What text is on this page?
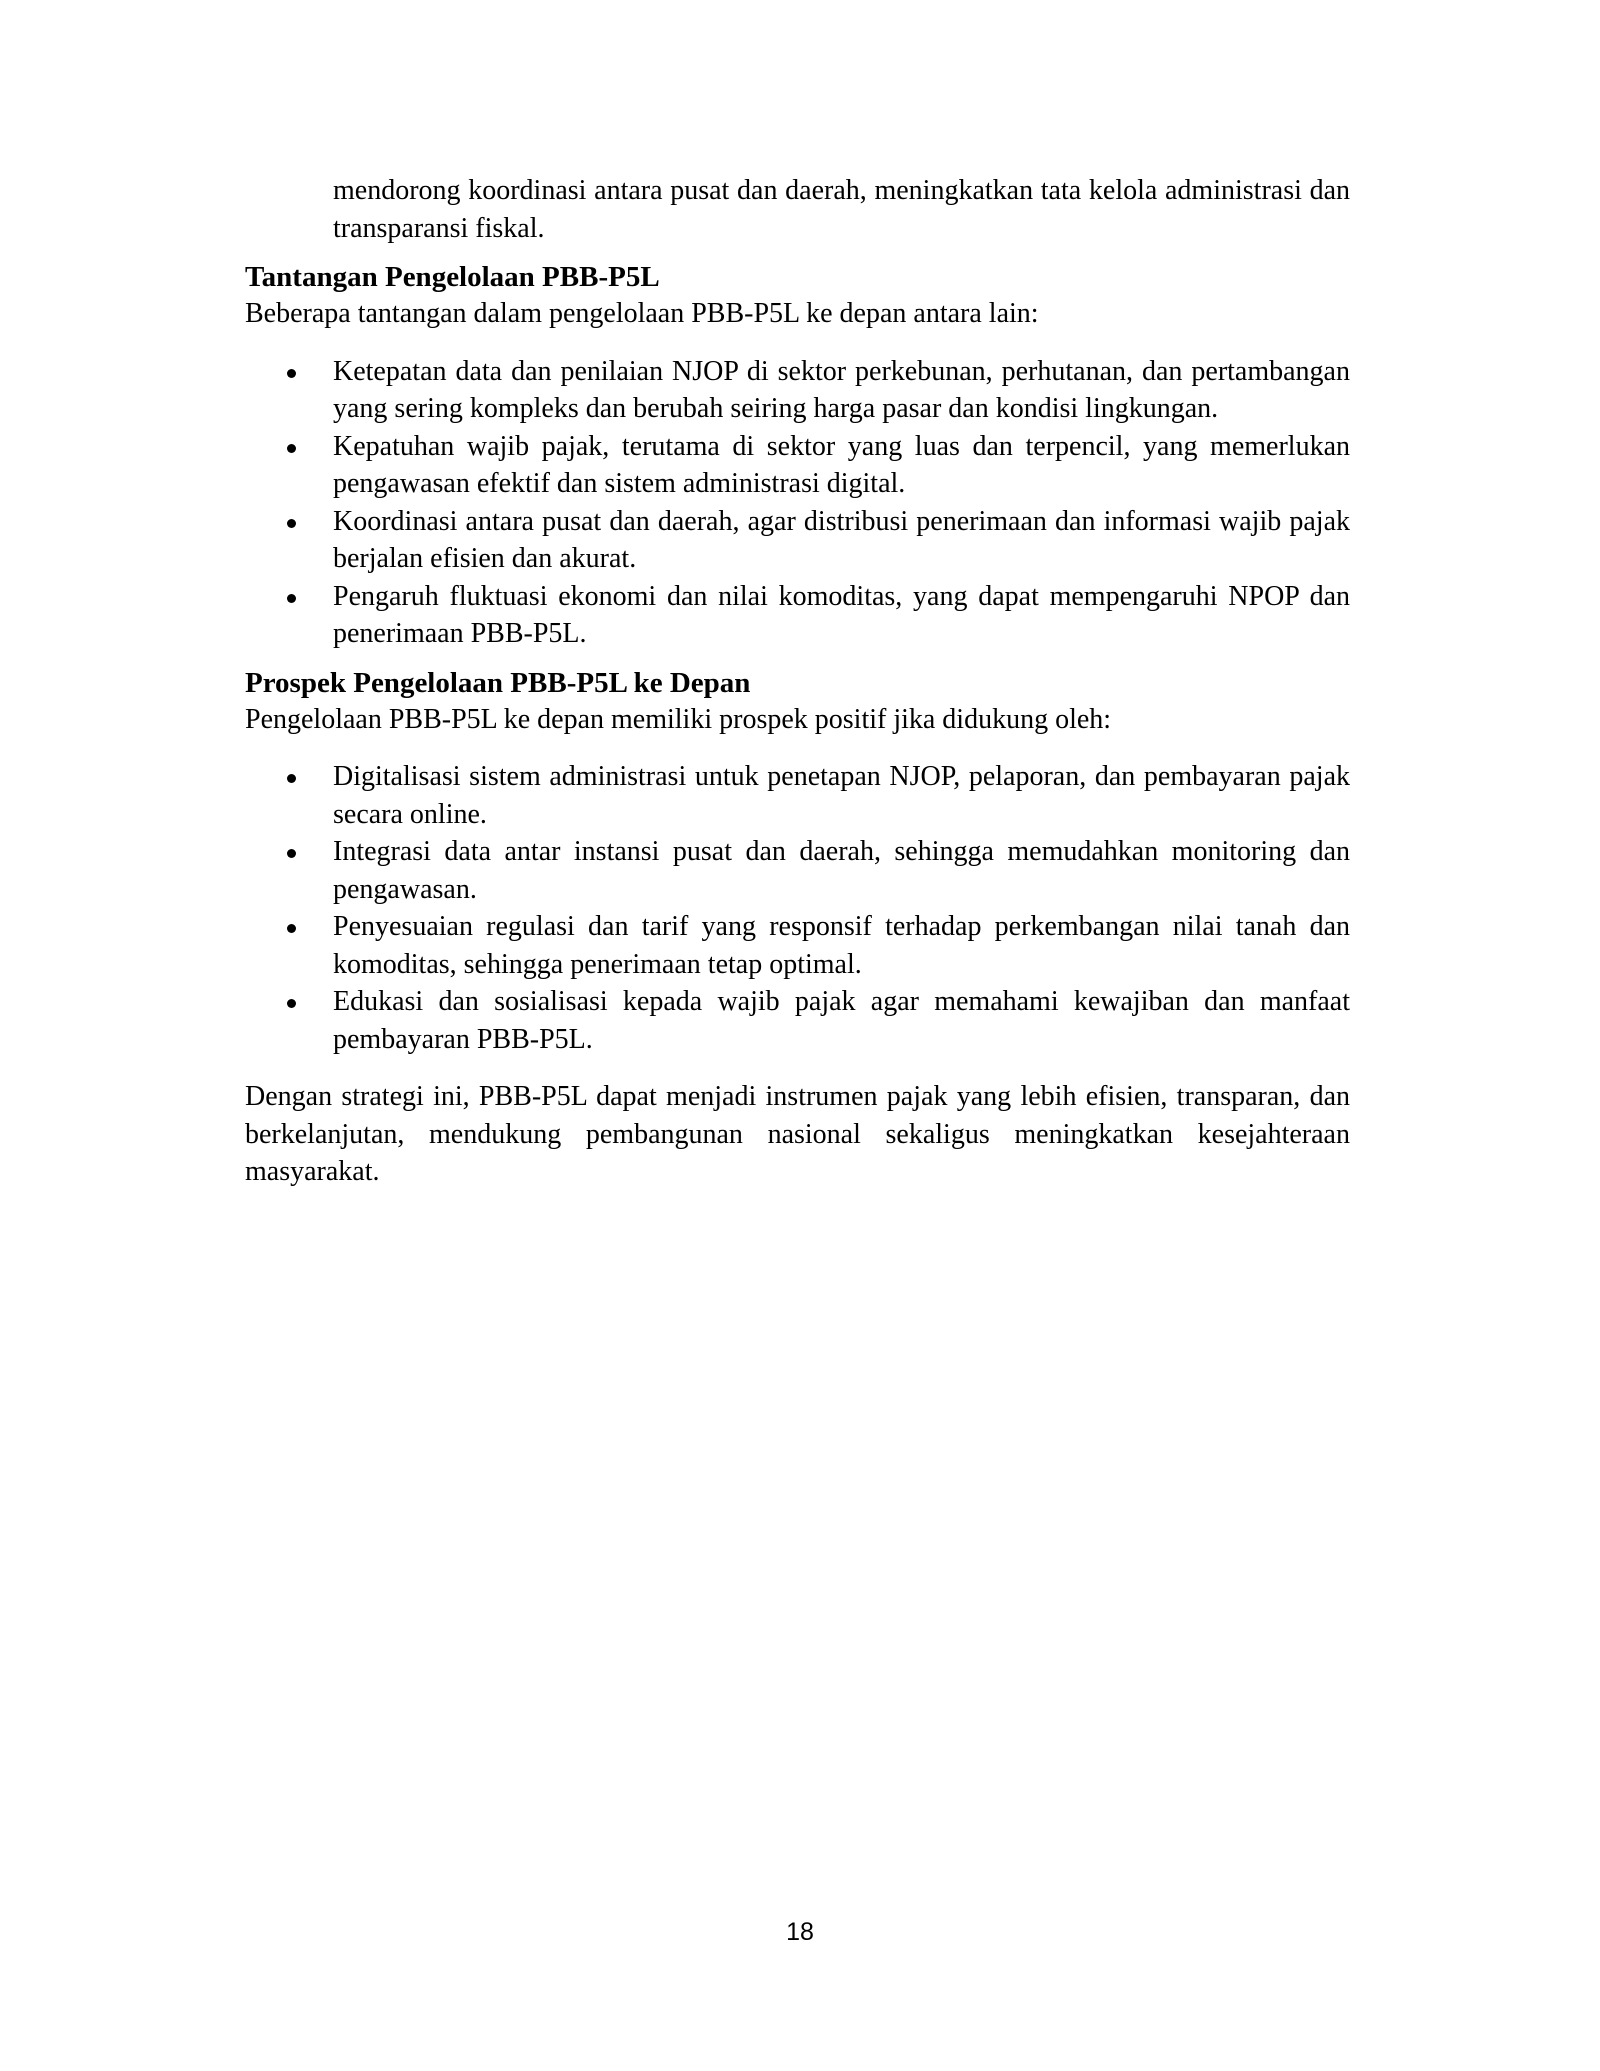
mendorong koordinasi antara pusat dan daerah, meningkatkan tata kelola administrasi dan transparansi fiskal.

Tantangan Pengelolaan PBB-P5L

Beberapa tantangan dalam pengelolaan PBB-P5L ke depan antara lain:

Ketepatan data dan penilaian NJOP di sektor perkebunan, perhutanan, dan pertambangan yang sering kompleks dan berubah seiring harga pasar dan kondisi lingkungan.
Kepatuhan wajib pajak, terutama di sektor yang luas dan terpencil, yang memerlukan pengawasan efektif dan sistem administrasi digital.
Koordinasi antara pusat dan daerah, agar distribusi penerimaan dan informasi wajib pajak berjalan efisien dan akurat.
Pengaruh fluktuasi ekonomi dan nilai komoditas, yang dapat mempengaruhi NPOP dan penerimaan PBB-P5L.
Prospek Pengelolaan PBB-P5L ke Depan

Pengelolaan PBB-P5L ke depan memiliki prospek positif jika didukung oleh:

Digitalisasi sistem administrasi untuk penetapan NJOP, pelaporan, dan pembayaran pajak secara online.
Integrasi data antar instansi pusat dan daerah, sehingga memudahkan monitoring dan pengawasan.
Penyesuaian regulasi dan tarif yang responsif terhadap perkembangan nilai tanah dan komoditas, sehingga penerimaan tetap optimal.
Edukasi dan sosialisasi kepada wajib pajak agar memahami kewajiban dan manfaat pembayaran PBB-P5L.

Dengan strategi ini, PBB-P5L dapat menjadi instrumen pajak yang lebih efisien, transparan, dan berkelanjutan, mendukung pembangunan nasional sekaligus meningkatkan kesejahteraan masyarakat.

18
